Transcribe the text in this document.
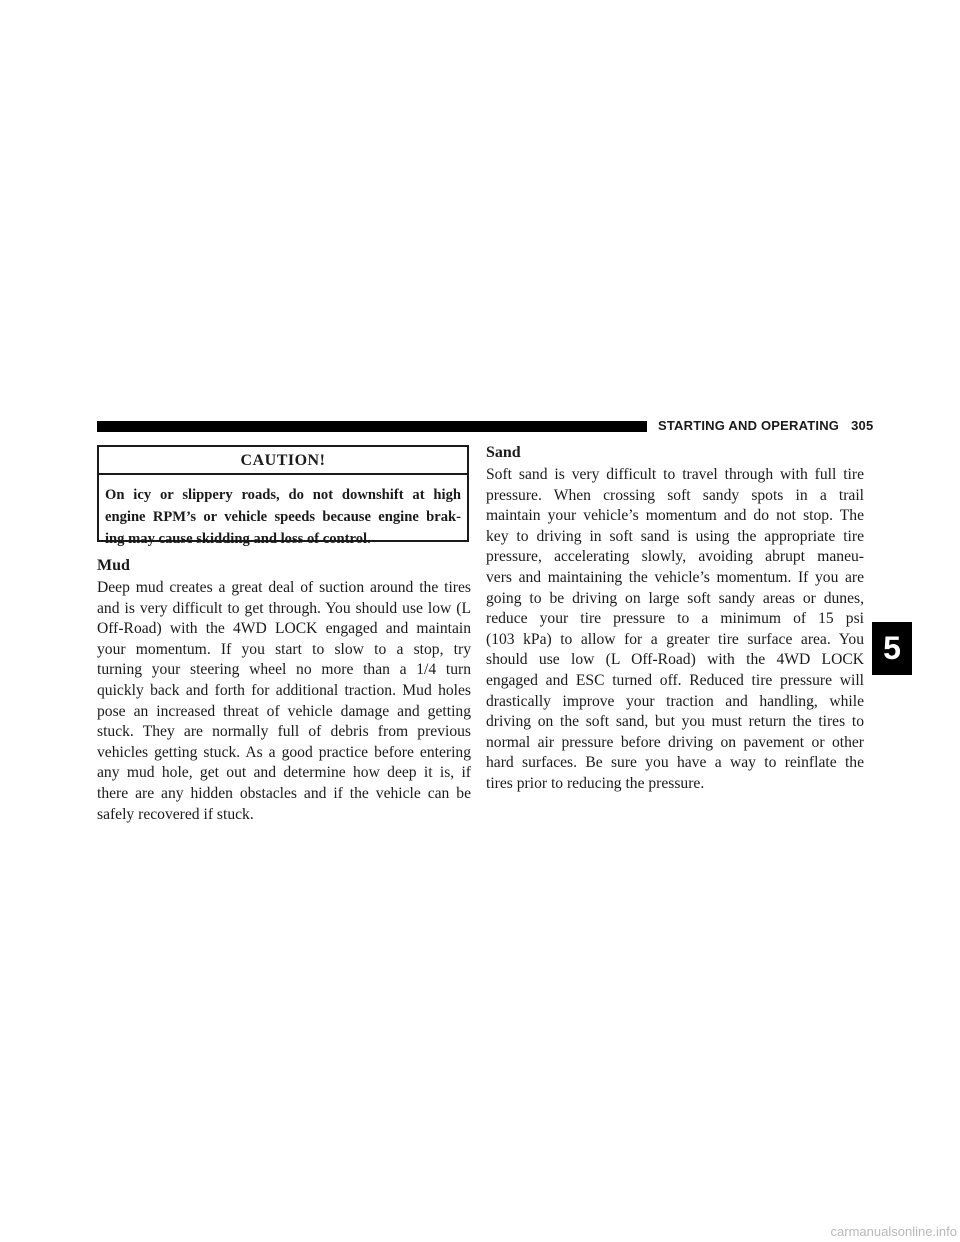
STARTING AND OPERATING 305
CAUTION!
On icy or slippery roads, do not downshift at high
engine RPM’s or vehicle speeds because engine brak-
ing may cause skidding and loss of control.
Mud
Deep mud creates a great deal of suction around the tires
and is very difficult to get through. You should use low (L
Off-Road) with the 4WD LOCK engaged and maintain
your momentum. If you start to slow to a stop, try
turning your steering wheel no more than a 1/4 turn
quickly back and forth for additional traction. Mud holes
pose an increased threat of vehicle damage and getting
stuck. They are normally full of debris from previous
vehicles getting stuck. As a good practice before entering
any mud hole, get out and determine how deep it is, if
there are any hidden obstacles and if the vehicle can be
safely recovered if stuck.
Sand
Soft sand is very difficult to travel through with full tire
pressure. When crossing soft sandy spots in a trail
maintain your vehicle’s momentum and do not stop. The
key to driving in soft sand is using the appropriate tire
pressure, accelerating slowly, avoiding abrupt maneu-
vers and maintaining the vehicle’s momentum. If you are
going to be driving on large soft sandy areas or dunes,
reduce your tire pressure to a minimum of 15 psi
(103 kPa) to allow for a greater tire surface area. You
should use low (L Off-Road) with the 4WD LOCK
engaged and ESC turned off. Reduced tire pressure will
drastically improve your traction and handling, while
driving on the soft sand, but you must return the tires to
normal air pressure before driving on pavement or other
hard surfaces. Be sure you have a way to reinflate the
tires prior to reducing the pressure.
5
carmanualsonline.info
